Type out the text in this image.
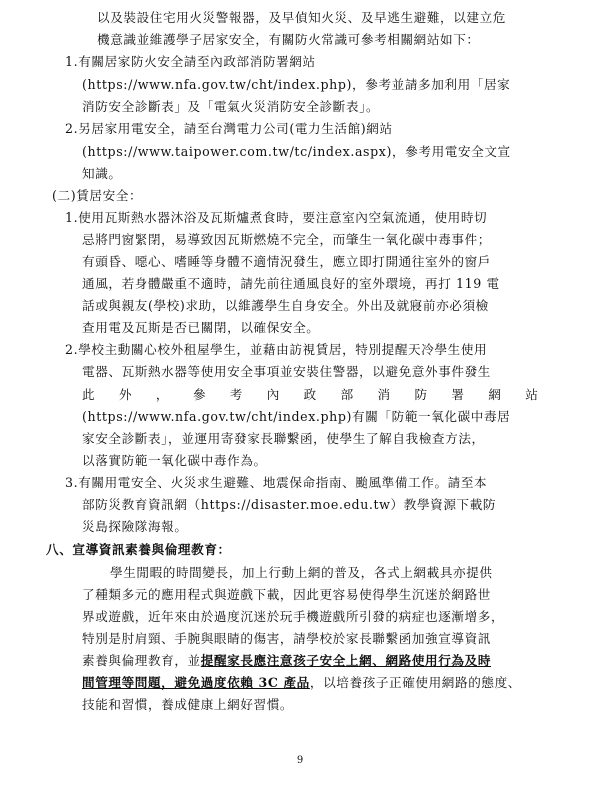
以及裝設住宅用火災警報器，及早偵知火災、及早逃生避難，以建立危
機意識並維護學子居家安全，有關防火常識可參考相關網站如下：
1.有關居家防火安全請至內政部消防署網站
(https://www.nfa.gov.tw/cht/index.php)，參考並請多加利用「居家
消防安全診斷表」及「電氣火災消防安全診斷表」。
2.另居家用電安全，請至台灣電力公司(電力生活館)網站
(https://www.taipower.com.tw/tc/index.aspx)，參考用電安全文宣
知識。
(二)賃居安全：
1.使用瓦斯熱水器沐浴及瓦斯爐煮食時，要注意室內空氣流通，使用時切
忌將門窗緊閉，易導致因瓦斯燃燒不完全，而肇生一氧化碳中毒事件；
有頭昏、噁心、嗜睡等身體不適情況發生，應立即打開通往室外的窗戶
通風，若身體嚴重不適時，請先前往通風良好的室外環境，再打 119 電
話或與親友(學校)求助，以維護學生自身安全。外出及就寢前亦必須檢
查用電及瓦斯是否已關閉，以確保安全。
2.學校主動關心校外租屋學生，並藉由訪視賃居，特別提醒天冷學生使用
電器、瓦斯熱水器等使用安全事項並安裝住警器，以避免意外事件發生
此 外 ， 參 考 內 政 部 消 防 署 網 站
(https://www.nfa.gov.tw/cht/index.php)有關「防範一氧化碳中毒居
家安全診斷表」，並運用寄發家長聯繫函，使學生了解自我檢查方法，
以落實防範一氧化碳中毒作為。
3.有關用電安全、火災求生避難、地震保命指南、颱風準備工作。請至本
部防災教育資訊網（https://disaster.moe.edu.tw）教學資源下載防
災島探險隊海報。
八、宣導資訊素養與倫理教育：
學生閒暇的時間變長，加上行動上網的普及，各式上網載具亦提供
了種類多元的應用程式與遊戲下載，因此更容易使得學生沉迷於網路世
界或遊戲，近年來由於過度沉迷於玩手機遊戲所引發的病症也逐漸增多，
特別是肘肩頸、手腕與眼睛的傷害，請學校於家長聯繫函加強宣導資訊
素養與倫理教育，並提醒家長應注意孩子安全上網、網路使用行為及時
間管理等問題，避免過度依賴 3C 產品，以培養孩子正確使用網路的態度、
技能和習慣，養成健康上網好習慣。
9
